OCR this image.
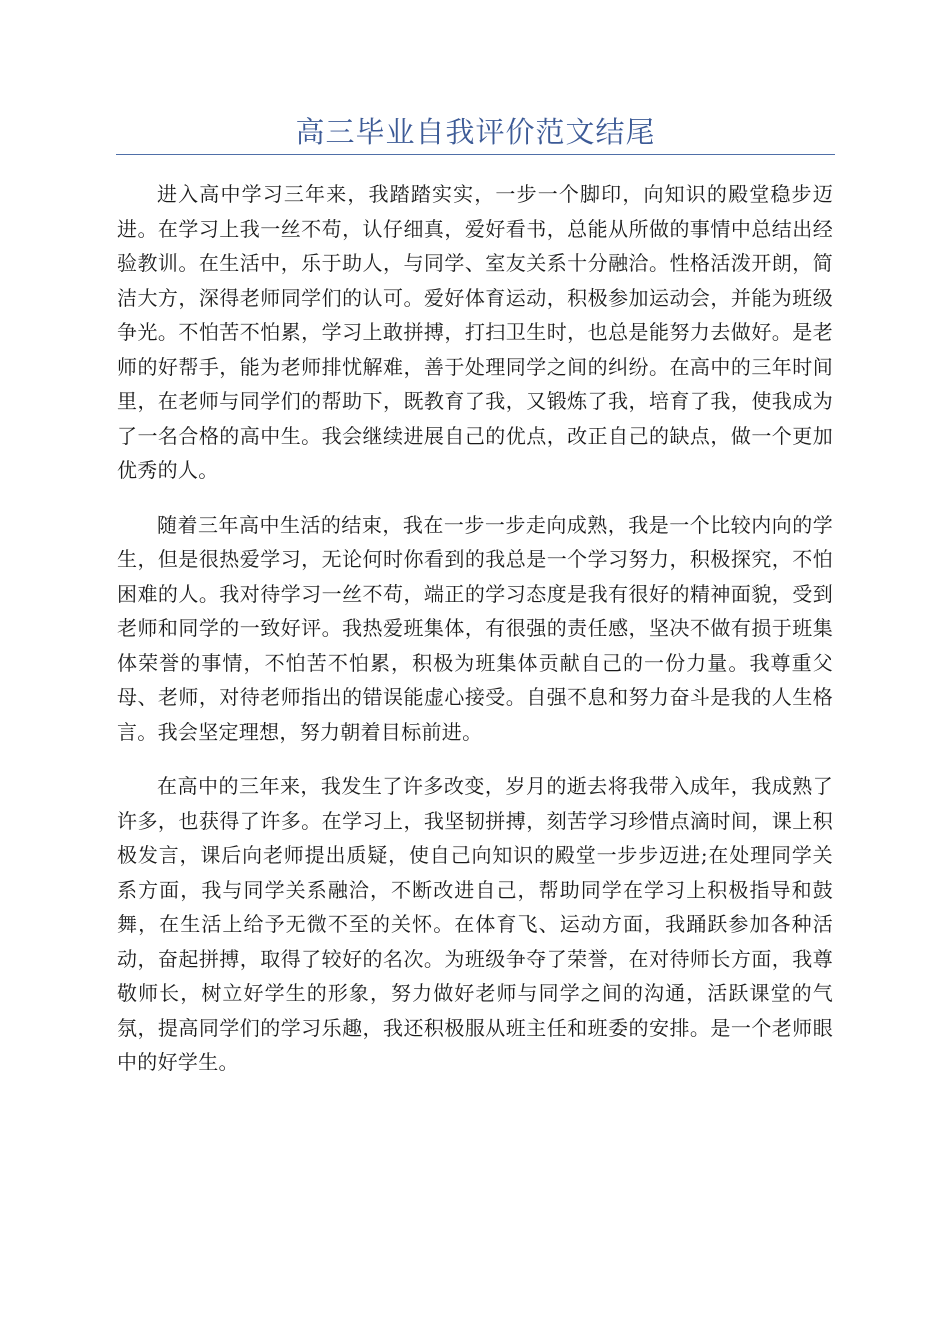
高三毕业自我评价范文结尾

进入高中学习三年来，我踏踏实实，一步一个脚印，向知识的殿堂稳步迈进。在学习上我一丝不苟，认仔细真，爱好看书，总能从所做的事情中总结出经验教训。在生活中，乐于助人，与同学、室友关系十分融洽。性格活泼开朗，简洁大方，深得老师同学们的认可。爱好体育运动，积极参加运动会，并能为班级争光。不怕苦不怕累，学习上敢拼搏，打扫卫生时，也总是能努力去做好。是老师的好帮手，能为老师排忧解难，善于处理同学之间的纠纷。在高中的三年时间里，在老师与同学们的帮助下，既教育了我，又锻炼了我，培育了我，使我成为了一名合格的高中生。我会继续进展自己的优点，改正自己的缺点，做一个更加优秀的人。

随着三年高中生活的结束，我在一步一步走向成熟，我是一个比较内向的学生，但是很热爱学习，无论何时你看到的我总是一个学习努力，积极探究，不怕困难的人。我对待学习一丝不苟，端正的学习态度是我有很好的精神面貌，受到老师和同学的一致好评。我热爱班集体，有很强的责任感，坚决不做有损于班集体荣誉的事情，不怕苦不怕累，积极为班集体贡献自己的一份力量。我尊重父母、老师，对待老师指出的错误能虚心接受。自强不息和努力奋斗是我的人生格言。我会坚定理想，努力朝着目标前进。

在高中的三年来，我发生了许多改变，岁月的逝去将我带入成年，我成熟了许多，也获得了许多。在学习上，我坚韧拼搏，刻苦学习珍惜点滴时间，课上积极发言，课后向老师提出质疑，使自己向知识的殿堂一步步迈进;在处理同学关系方面，我与同学关系融洽，不断改进自己，帮助同学在学习上积极指导和鼓舞，在生活上给予无微不至的关怀。在体育飞、运动方面，我踊跃参加各种活动，奋起拼搏，取得了较好的名次。为班级争夺了荣誉，在对待师长方面，我尊敬师长，树立好学生的形象，努力做好老师与同学之间的沟通，活跃课堂的气氛，提高同学们的学习乐趣，我还积极服从班主任和班委的安排。是一个老师眼中的好学生。
